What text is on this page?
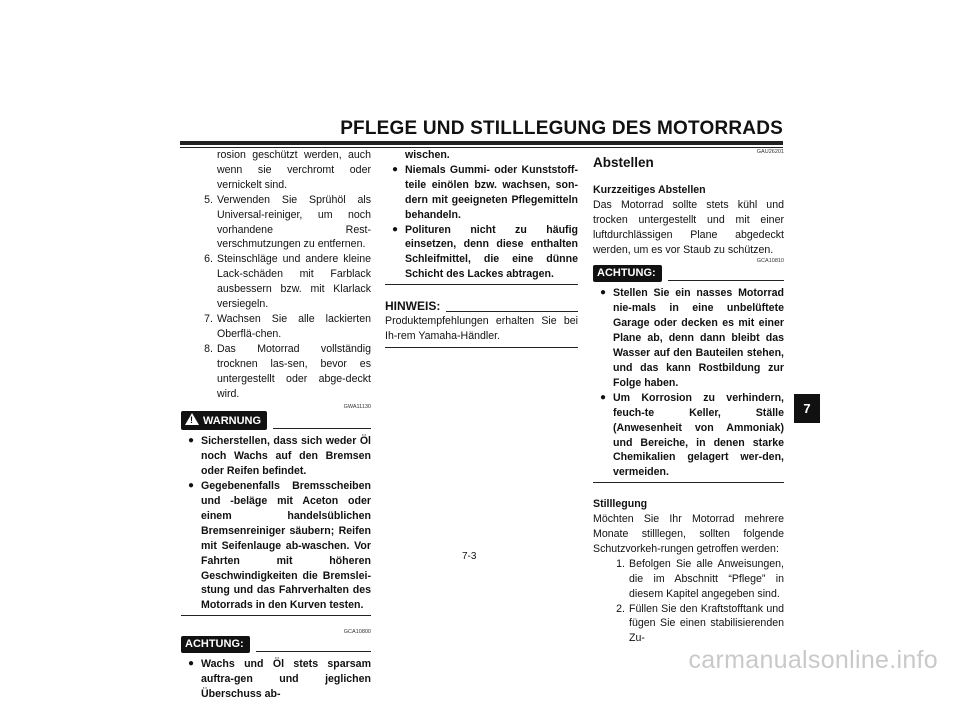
PFLEGE UND STILLLEGUNG DES MOTORRADS
rosion geschützt werden, auch wenn sie verchromt oder vernickelt sind.
5. Verwenden Sie Sprühöl als Universal-reiniger, um noch vorhandene Rest-verschmutzungen zu entfernen.
6. Steinschläge und andere kleine Lack-schäden mit Farblack ausbessern bzw. mit Klarlack versiegeln.
7. Wachsen Sie alle lackierten Oberflä-chen.
8. Das Motorrad vollständig trocknen las-sen, bevor es untergestellt oder abge-deckt wird.
GWA11130
!WARNUNG
● Sicherstellen, dass sich weder Öl noch Wachs auf den Bremsen oder Reifen befindet.
● Gegebenenfalls Bremsscheiben und -beläge mit Aceton oder einem handelsüblichen Bremsenreiniger säubern; Reifen mit Seifenlauge ab-waschen. Vor Fahrten mit höheren Geschwindigkeiten die Bremslei-stung und das Fahrverhalten des Motorrads in den Kurven testen.
GCA10800
ACHTUNG:
● Wachs und Öl stets sparsam auftra-gen und jeglichen Überschuss ab-
wischen.
● Niemals Gummi- oder Kunststoff-teile einölen bzw. wachsen, son-dern mit geeigneten Pflegemitteln behandeln.
● Polituren nicht zu häufig einsetzen, denn diese enthalten Schleifmittel, die eine dünne Schicht des Lackes abtragen.
HINWEIS:
Produktempfehlungen erhalten Sie bei Ih-rem Yamaha-Händler.
GAU26201
Abstellen
Kurzzeitiges Abstellen
Das Motorrad sollte stets kühl und trocken untergestellt und mit einer luftdurchlässigen Plane abgedeckt werden, um es vor Staub zu schützen.
GCA10810
ACHTUNG:
● Stellen Sie ein nasses Motorrad nie-mals in eine unbelüftete Garage oder decken es mit einer Plane ab, denn dann bleibt das Wasser auf den Bauteilen stehen, und das kann Rostbildung zur Folge haben.
● Um Korrosion zu verhindern, feuch-te Keller, Ställe (Anwesenheit von Ammoniak) und Bereiche, in denen starke Chemikalien gelagert wer-den, vermeiden.
Stilllegung
Möchten Sie Ihr Motorrad mehrere Monate stilllegen, sollten folgende Schutzvorkeh-rungen getroffen werden:
1. Befolgen Sie alle Anweisungen, die im Abschnitt “Pflege” in diesem Kapitel angegeben sind.
2. Füllen Sie den Kraftstofftank und fügen Sie einen stabilisierenden Zu-
7-3
7
carmanualsonline.info
